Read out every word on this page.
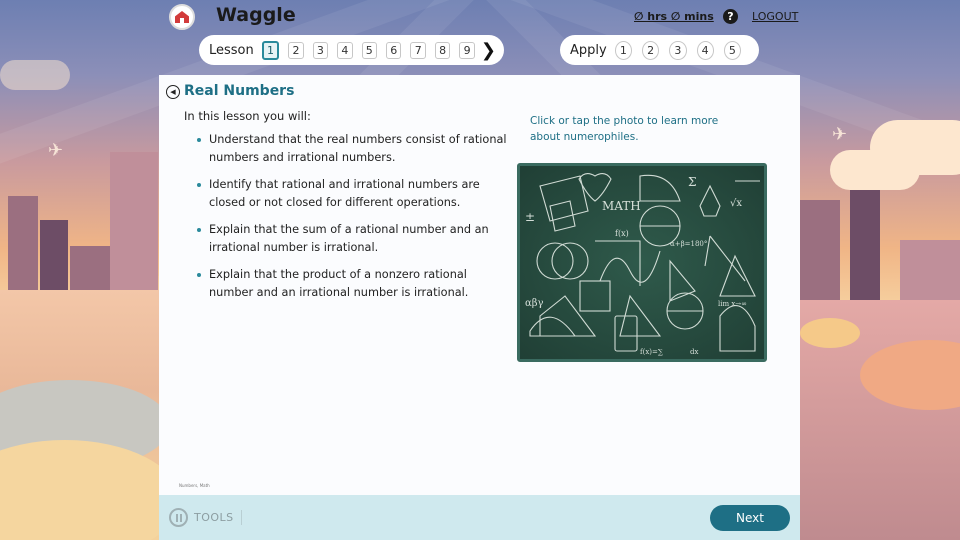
✈
✈
Waggle	∅ hrs ∅ mins	?	LOGOUT
Lesson	1	2	3	4	5	6	7	8	9 ❯	Apply	1	2	3	4	5
◀ Real Numbers
In this lesson you will:
Understand that the real numbers consist of rational numbers and irrational numbers.
Identify that rational and irrational numbers are closed or not closed for different operations.
Explain that the sum of a rational number and an irrational number is irrational.
Explain that the product of a nonzero rational number and an irrational number is irrational.
Click or tap the photo to learn more about numerophiles.
MATH
Σ
√x
±
α+β=180°
lim x→∞
αβγ
f(x)=∑	dx
f(x)
Numbers, Math
TOOLS	Next
